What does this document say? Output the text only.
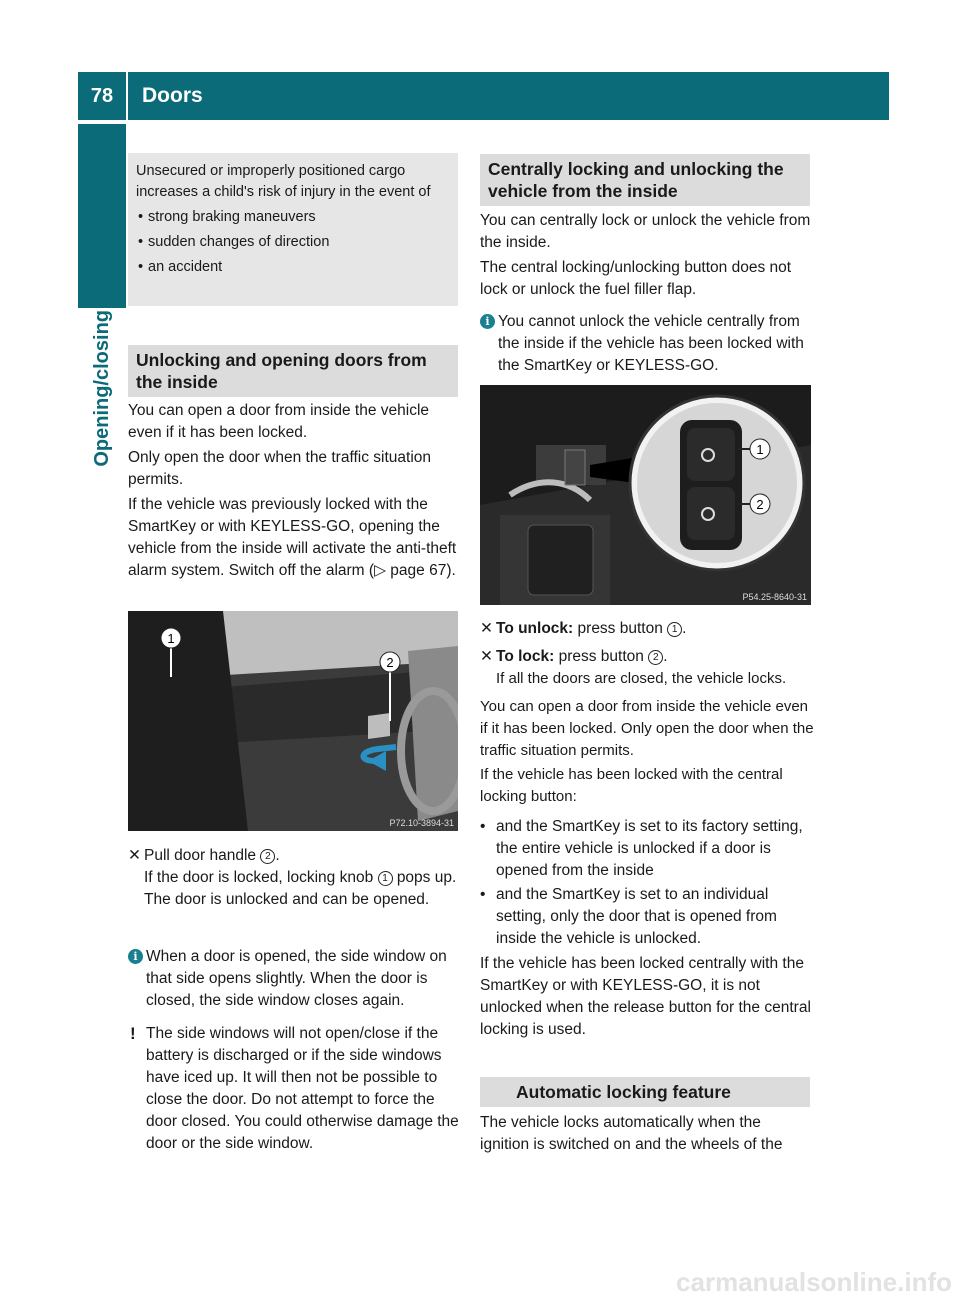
78	Doors
Opening/closing
Unsecured or improperly positioned cargo increases a child's risk of injury in the event of
• strong braking maneuvers
• sudden changes of direction
• an accident
Unlocking and opening doors from the inside

You can open a door from inside the vehicle even if it has been locked.

Only open the door when the traffic situation permits.

If the vehicle was previously locked with the SmartKey or with KEYLESS-GO, opening the vehicle from the inside will activate the anti-theft alarm system. Switch off the alarm (▷ page 67).

1
2
P72.10-3894-31
✕ Pull door handle 2 .
If the door is locked, locking knob 1 pops up. The door is unlocked and can be opened.
i When a door is opened, the side window on that side opens slightly. When the door is closed, the side window closes again.
! The side windows will not open/close if the battery is discharged or if the side windows have iced up. It will then not be possible to close the door. Do not attempt to force the door closed. You could otherwise damage the door or the side window.
Centrally locking and unlocking the vehicle from the inside

You can centrally lock or unlock the vehicle from the inside.

The central locking/unlocking button does not lock or unlock the fuel filler flap.

i You cannot unlock the vehicle centrally from the inside if the vehicle has been locked with the SmartKey or KEYLESS-GO.
1
2
P54.25-8640-31
✕ To unlock: press button 1 .
✕ To lock: press button 2 .
If all the doors are closed, the vehicle locks.

You can open a door from inside the vehicle even if it has been locked. Only open the door when the traffic situation permits.

If the vehicle has been locked with the central locking button:

• and the SmartKey is set to its factory setting, the entire vehicle is unlocked if a door is opened from the inside
• and the SmartKey is set to an individual setting, only the door that is opened from inside the vehicle is unlocked.

If the vehicle has been locked centrally with the SmartKey or with KEYLESS-GO, it is not unlocked when the release button for the central locking is used.

Automatic locking feature

The vehicle locks automatically when the ignition is switched on and the wheels of the

carmanualsonline.info
